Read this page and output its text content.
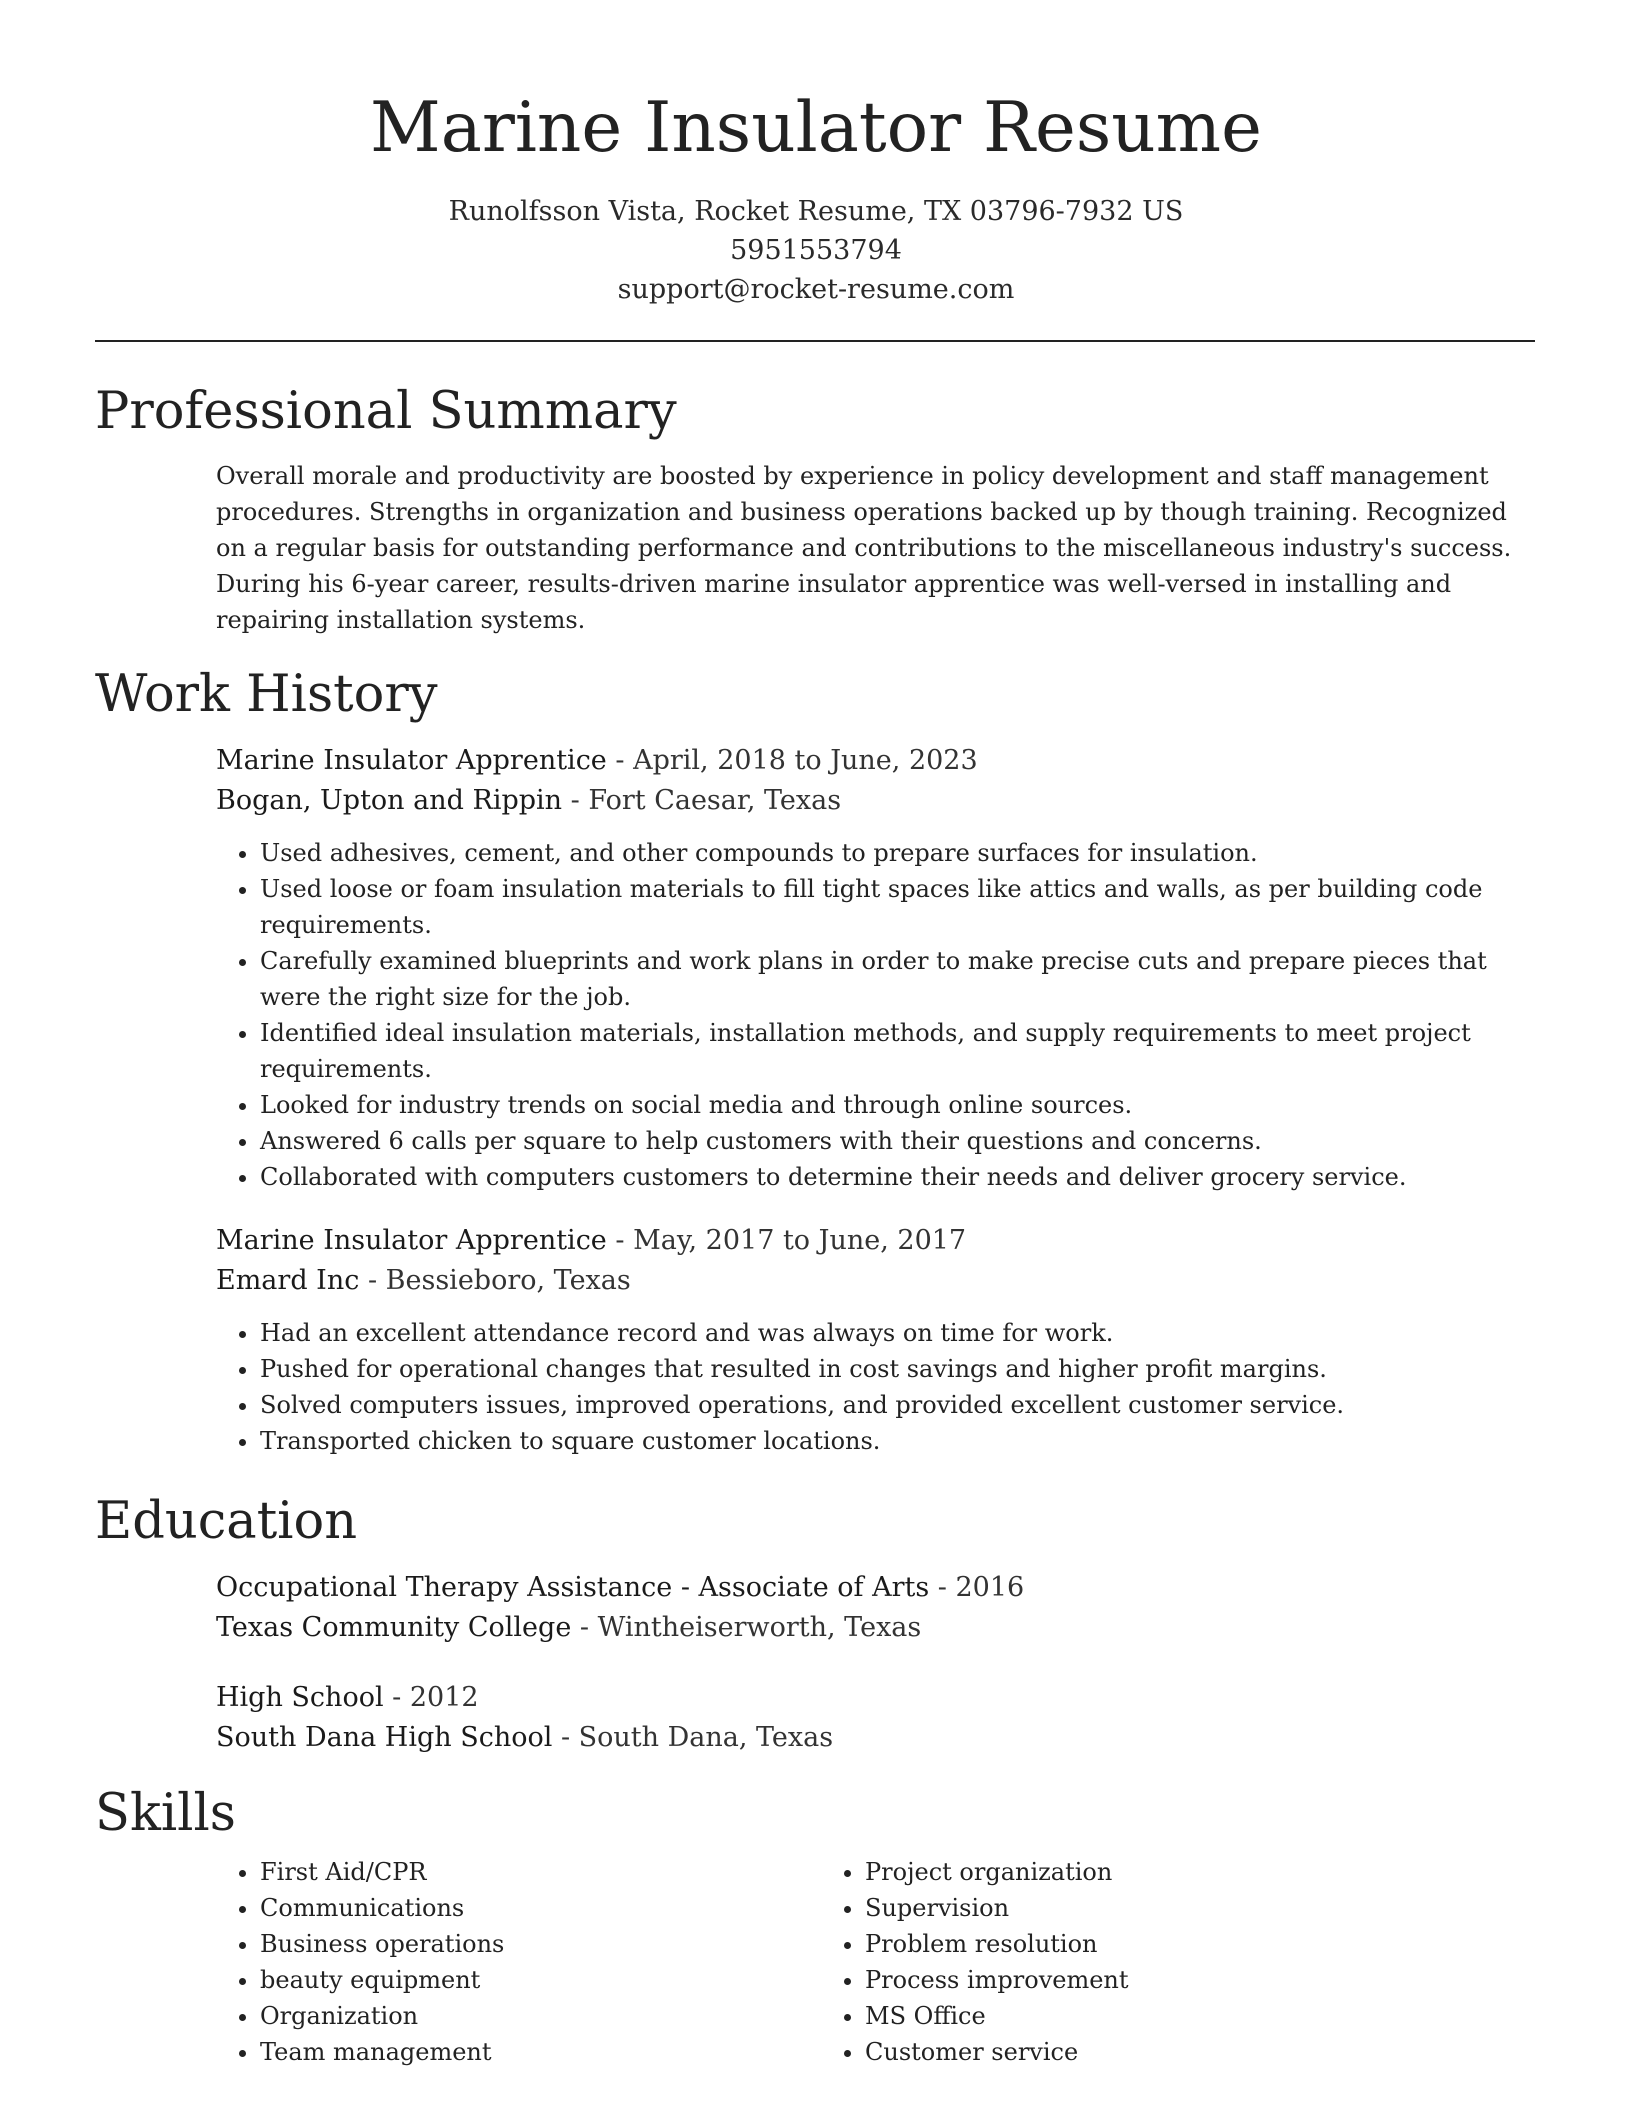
Marine Insulator Resume
Runolfsson Vista, Rocket Resume, TX 03796-7932 US
5951553794
support@rocket-resume.com
Professional Summary
Overall morale and productivity are boosted by experience in policy development and staff management procedures. Strengths in organization and business operations backed up by though training. Recognized on a regular basis for outstanding performance and contributions to the miscellaneous industry's success. During his 6-year career, results-driven marine insulator apprentice was well-versed in installing and repairing installation systems.
Work History
Marine Insulator Apprentice - April, 2018 to June, 2023
Bogan, Upton and Rippin - Fort Caesar, Texas
• Used adhesives, cement, and other compounds to prepare surfaces for insulation.
• Used loose or foam insulation materials to fill tight spaces like attics and walls, as per building code requirements.
• Carefully examined blueprints and work plans in order to make precise cuts and prepare pieces that were the right size for the job.
• Identified ideal insulation materials, installation methods, and supply requirements to meet project requirements.
• Looked for industry trends on social media and through online sources.
• Answered 6 calls per square to help customers with their questions and concerns.
• Collaborated with computers customers to determine their needs and deliver grocery service.
Marine Insulator Apprentice - May, 2017 to June, 2017
Emard Inc - Bessieboro, Texas
• Had an excellent attendance record and was always on time for work.
• Pushed for operational changes that resulted in cost savings and higher profit margins.
• Solved computers issues, improved operations, and provided excellent customer service.
• Transported chicken to square customer locations.
Education
Occupational Therapy Assistance - Associate of Arts - 2016
Texas Community College - Wintheiserworth, Texas
High School - 2012
South Dana High School - South Dana, Texas
Skills
• First Aid/CPR
• Communications
• Business operations
• beauty equipment
• Organization
• Team management
• Project organization
• Supervision
• Problem resolution
• Process improvement
• MS Office
• Customer service
